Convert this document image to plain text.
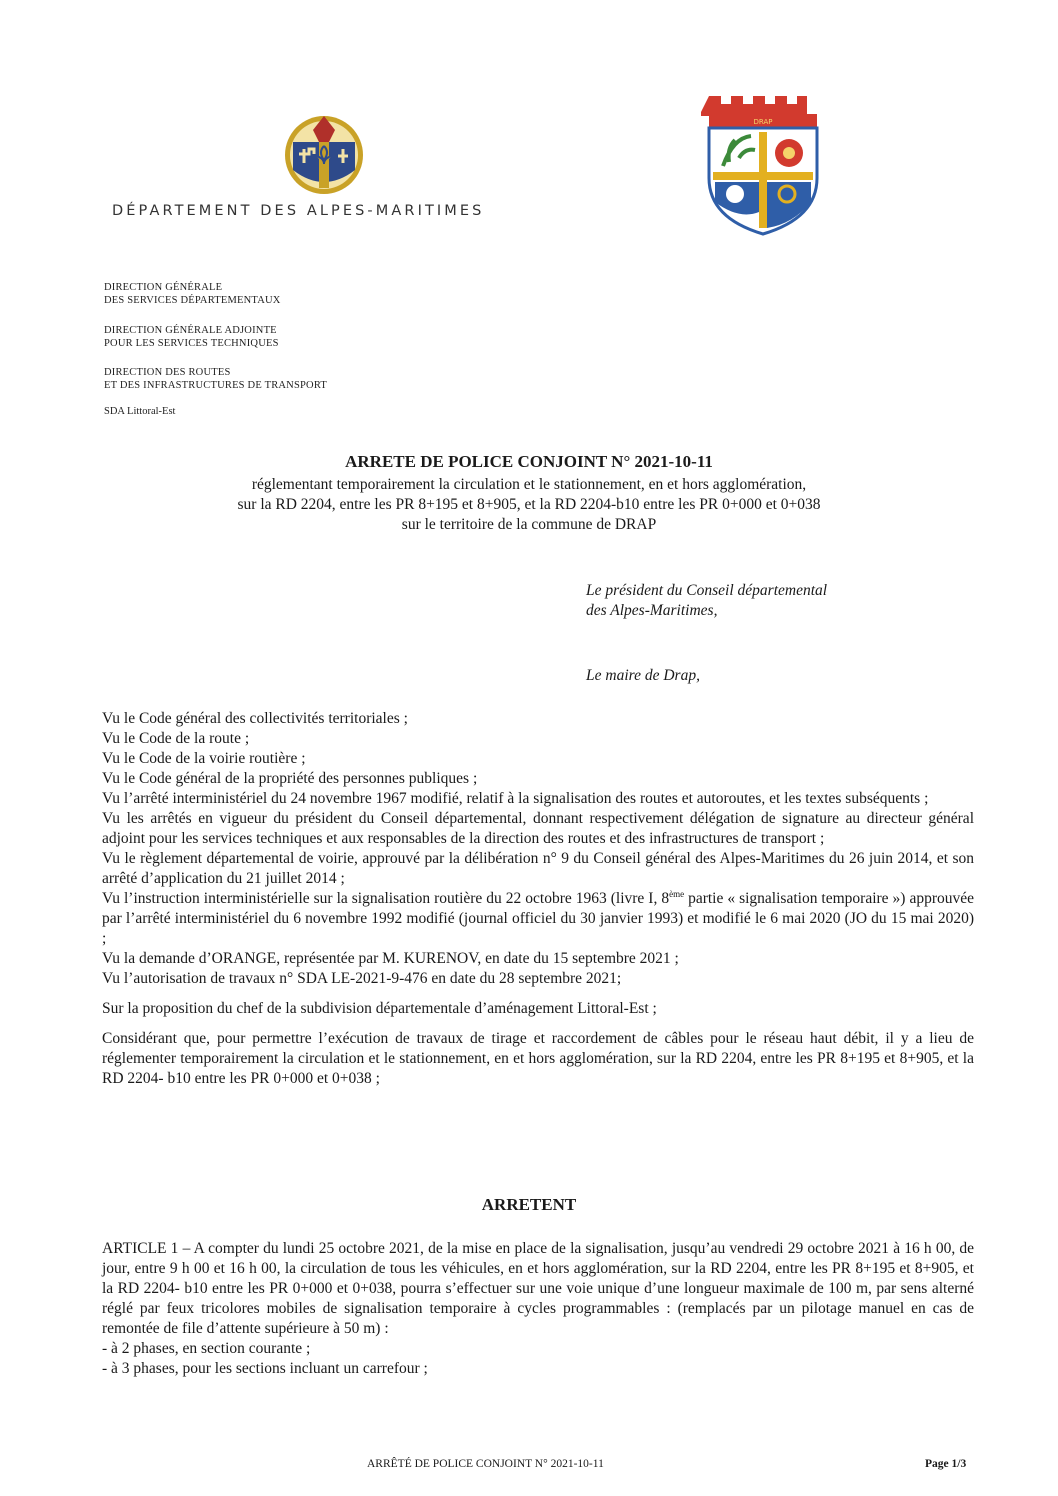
DÉPARTEMENT DES ALPES-MARITIMES
DRAP
DIRECTION GÉNÉRALE
DES SERVICES DÉPARTEMENTAUX
DIRECTION GÉNÉRALE ADJOINTE
POUR LES SERVICES TECHNIQUES
DIRECTION DES ROUTES
ET DES INFRASTRUCTURES DE TRANSPORT
SDA Littoral-Est
ARRETE DE POLICE CONJOINT N° 2021-10-11
réglementant temporairement la circulation et le stationnement, en et hors agglomération,
sur la RD 2204, entre les PR 8+195 et 8+905, et la RD 2204-b10 entre les PR 0+000 et 0+038
sur le territoire de la commune de DRAP
Le président du Conseil départemental
des Alpes-Maritimes,
Le maire de Drap,

Vu le Code général des collectivités territoriales ;

Vu le Code de la route ;

Vu le Code de la voirie routière ;

Vu le Code général de la propriété des personnes publiques ;

Vu l’arrêté interministériel du 24 novembre 1967 modifié, relatif à la signalisation des routes et autoroutes, et les textes subséquents ;

Vu les arrêtés en vigueur du président du Conseil départemental, donnant respectivement délégation de signature au directeur général adjoint pour les services techniques et aux responsables de la direction des routes et des infrastructures de transport ;

Vu le règlement départemental de voirie, approuvé par la délibération n° 9 du Conseil général des Alpes-Maritimes du 26 juin 2014, et son arrêté d’application du 21 juillet 2014 ;

Vu l’instruction interministérielle sur la signalisation routière du 22 octobre 1963 (livre I, 8ème partie « signalisation temporaire ») approuvée par l’arrêté interministériel du 6 novembre 1992 modifié (journal officiel du 30 janvier 1993) et modifié le 6 mai 2020 (JO du 15 mai 2020) ;

Vu la demande d’ORANGE, représentée par M. KURENOV, en date du 15 septembre 2021 ;

Vu l’autorisation de travaux n° SDA LE-2021-9-476 en date du 28 septembre 2021;

Sur la proposition du chef de la subdivision départementale d’aménagement Littoral-Est ;

Considérant que, pour permettre l’exécution de travaux de tirage et raccordement de câbles pour le réseau haut débit, il y a lieu de réglementer temporairement la circulation et le stationnement, en et hors agglomération, sur la RD 2204, entre les PR 8+195 et 8+905, et la RD 2204- b10 entre les PR 0+000 et 0+038 ;

ARRETENT

ARTICLE 1 – A compter du lundi 25 octobre 2021, de la mise en place de la signalisation, jusqu’au vendredi 29 octobre 2021 à 16 h 00, de jour, entre 9 h 00 et 16 h 00, la circulation de tous les véhicules, en et hors agglomération, sur la RD 2204, entre les PR 8+195 et 8+905, et la RD 2204- b10 entre les PR 0+000 et 0+038, pourra s’effectuer sur une voie unique d’une longueur maximale de 100 m, par sens alterné réglé par feux tricolores mobiles de signalisation temporaire à cycles programmables : (remplacés par un pilotage manuel en cas de remontée de file d’attente supérieure à 50 m) :

- à 2 phases, en section courante ;

- à 3 phases, pour les sections incluant un carrefour ;

ARRÊTÉ DE POLICE CONJOINT N° 2021-10-11	Page 1/3
